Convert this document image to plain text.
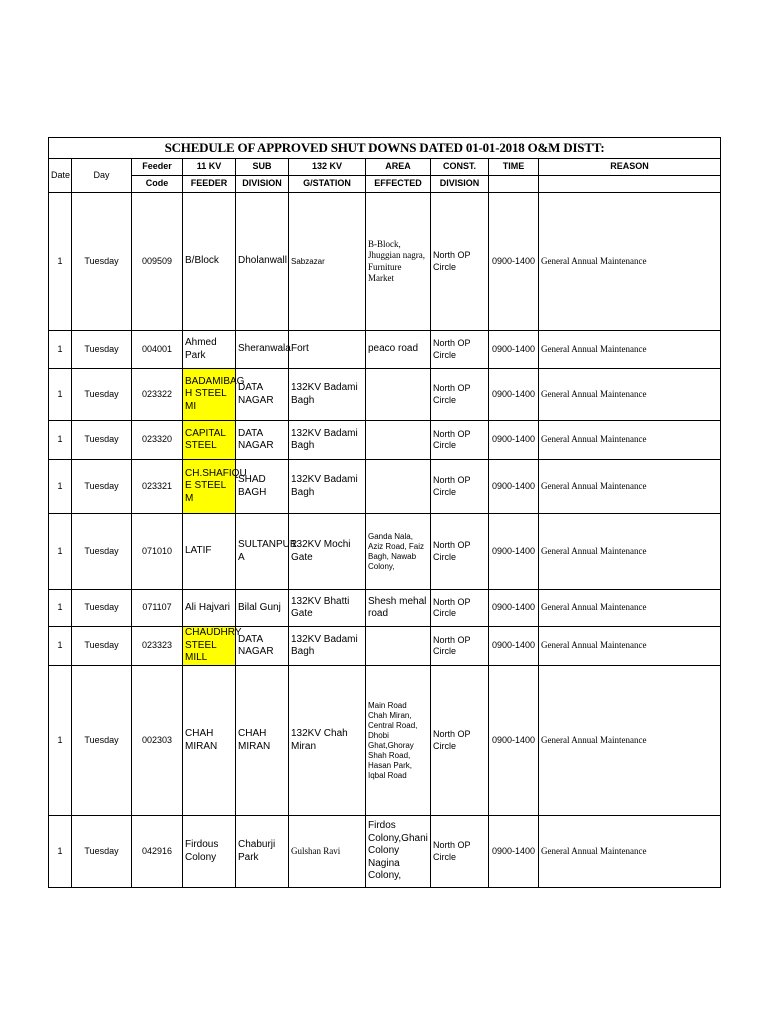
SCHEDULE OF APPROVED SHUT DOWNS DATED 01-01-2018 O&M DISTT:									
Date	Day	Feeder	11 KV	SUB	132 KV	AREA	CONST.	TIME	REASON
		Code	FEEDER	DIVISION	G/STATION	EFFECTED	DIVISION		
1	Tuesday	009509	B/Block	Dholanwall	Sabzazar	B-Block, Jhuggian nagra, Furniture Market	North OP Circle	0900-1400	General Annual Maintenance
1	Tuesday	004001	Ahmed Park	Sheranwala	Fort	peaco road	North OP Circle	0900-1400	General Annual Maintenance
1	Tuesday	023322	BADAMIBAG H STEEL MI	DATA NAGAR	132KV Badami Bagh		North OP Circle	0900-1400	General Annual Maintenance
1	Tuesday	023320	CAPITAL STEEL	DATA NAGAR	132KV Badami Bagh		North OP Circle	0900-1400	General Annual Maintenance
1	Tuesday	023321	CH.SHAFIQU E STEEL M	SHAD BAGH	132KV Badami Bagh		North OP Circle	0900-1400	General Annual Maintenance
1	Tuesday	071010	LATIF	SULTANPUR A	132KV Mochi Gate	Ganda Nala, Aziz Road, Faiz Bagh, Nawab Colony,	North OP Circle	0900-1400	General Annual Maintenance
1	Tuesday	071107	Ali Hajvari	Bilal Gunj	132KV Bhatti Gate	Shesh mehal road	North OP Circle	0900-1400	General Annual Maintenance
1	Tuesday	023323	CHAUDHRY STEEL MILL	DATA NAGAR	132KV Badami Bagh		North OP Circle	0900-1400	General Annual Maintenance
1	Tuesday	002303	CHAH MIRAN	CHAH MIRAN	132KV Chah Miran	Main Road Chah Miran, Central Road, Dhobi Ghat,Ghoray Shah Road, Hasan Park, Iqbal Road	North OP Circle	0900-1400	General Annual Maintenance
1	Tuesday	042916	Firdous Colony	Chaburji Park	Gulshan Ravi	Firdos Colony,Ghani Colony Nagina Colony,	North OP Circle	0900-1400	General Annual Maintenance
